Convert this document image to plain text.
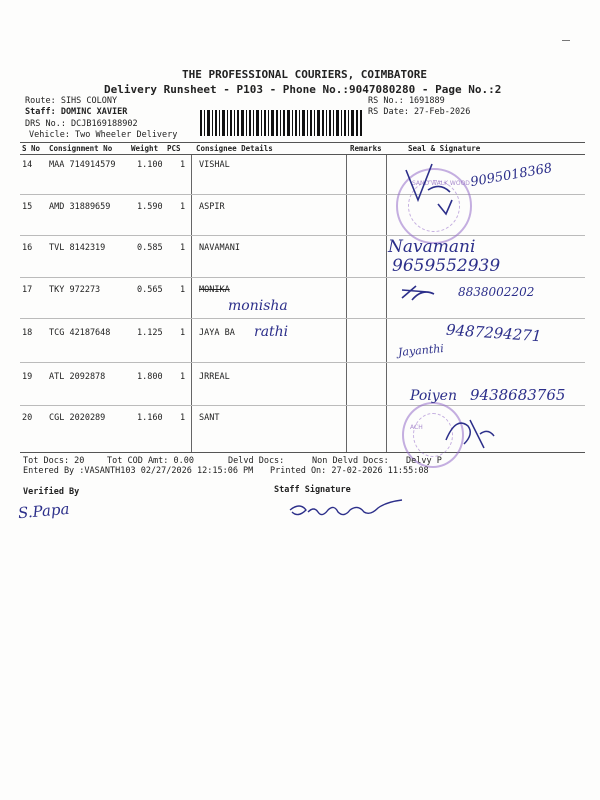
THE PROFESSIONAL COURIERS, COIMBATORE
Delivery Runsheet - P103 - Phone No.:9047080280 - Page No.:2
Route: SIHS COLONY
Staff: DOMINC XAVIER
DRS No.: DCJB169188902
Vehicle: Two Wheeler Delivery
RS No.: 1691889
RS Date: 27-Feb-2026
S No Consignment No	Weight PCS Consignee Details	Remarks	Seal & Signature
14 MAA 714914579	1.100 1 VISHAL
15 AMD 31889659	1.590 1 ASPIR
16 TVL 8142319	0.585 1 NAVAMANI
17 TKY 972273	0.565 1 MONIKA
18 TCG 42187648	1.125 1 JAYA BA
19 ATL 2092878	1.800 1 JRREAL
20 CGL 2020289	1.160 1 SANT
SAND WALK WOOD
ACH
9095018368
Navamani
9659552939
8838002202
monisha
rathi	9487294271
Jayanthi
Poiyen 9438683765
Tot Docs: 20	Tot COD Amt: 0.00	Delvd Docs:	Non Delvd Docs: Delvy P
Entered By :VASANTH103 02/27/2026 12:15:06 PM Printed On: 27-02-2026 11:55:08
Verified By	Staff Signature
S.Papa
